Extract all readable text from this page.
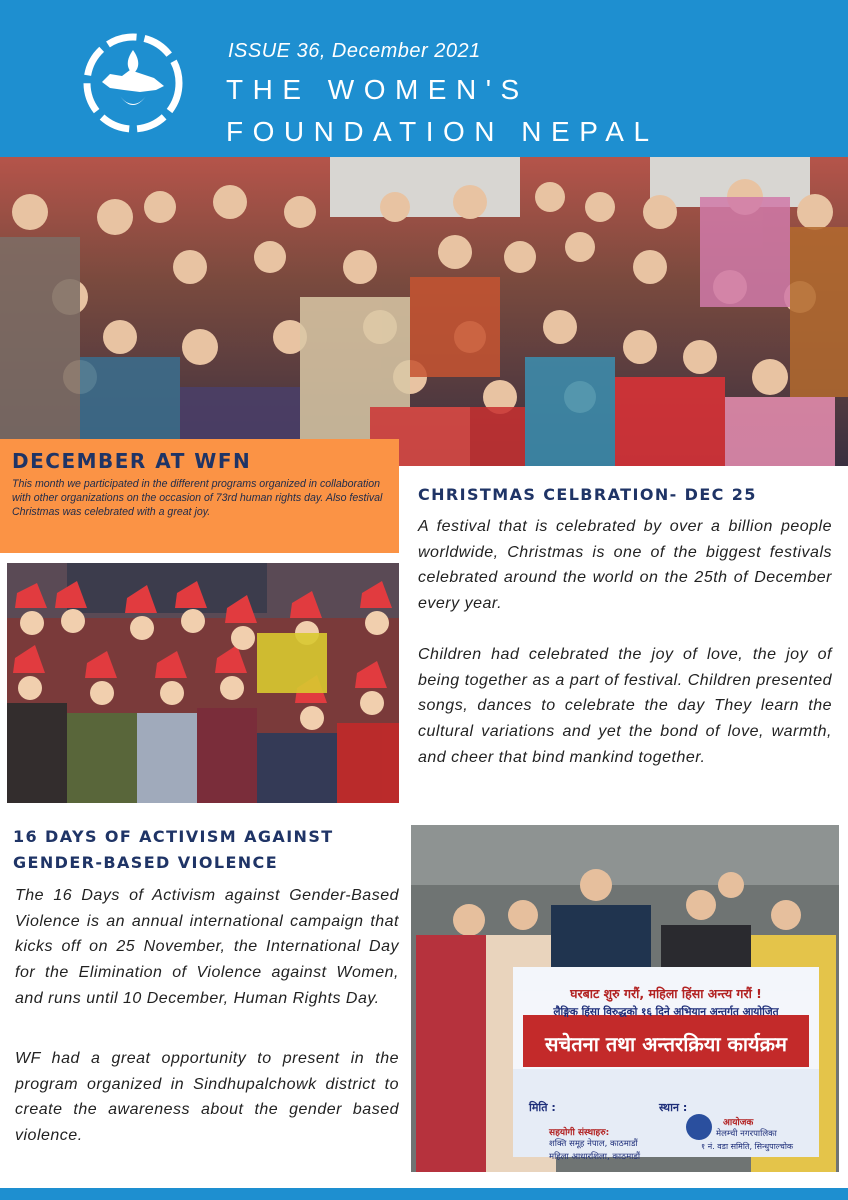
ISSUE 36, December 2021
THE WOMEN'S
FOUNDATION NEPAL
DECEMBER AT WFN
This month we participated in the different programs organized in collaboration with other organizations on the occasion of 73rd human rights day. Also festival Christmas was celebrated with a great joy.
CHRISTMAS CELBRATION- DEC 25
A festival that is celebrated by over a billion people worldwide, Christmas is one of the biggest festivals celebrated around the world on the 25th of December every year.
Children had celebrated the joy of love, the joy of being together as a part of festival. Children presented songs, dances to celebrate the day They learn the cultural variations and yet the bond of love, warmth, and cheer that bind mankind together.
16 DAYS OF ACTIVISM AGAINST GENDER-BASED VIOLENCE
The 16 Days of Activism against Gender-Based Violence is an annual international campaign that kicks off on 25 November, the International Day for the Elimination of Violence against Women, and runs until 10 December, Human Rights Day.
WF had a great opportunity to present in the program organized in Sindhupalchowk district to create the awareness about the gender based violence.
घरबाट शुरु गरौं, महिला हिंसा अन्त्य गरौं !
लैङ्गिक हिंसा विरुद्धको १६ दिने अभियान अन्तर्गत आयोजित
सचेतना तथा अन्तरक्रिया कार्यक्रम
मिति :	स्थान :
सहयोगी संस्थाहरु:
शक्ति समूह नेपाल, काठमाडौं
महिला आधारशिला, काठमाडौं
आयोजक
मेलम्ची नगरपालिका
१ नं. वडा समिति, सिन्धुपाल्चोक
